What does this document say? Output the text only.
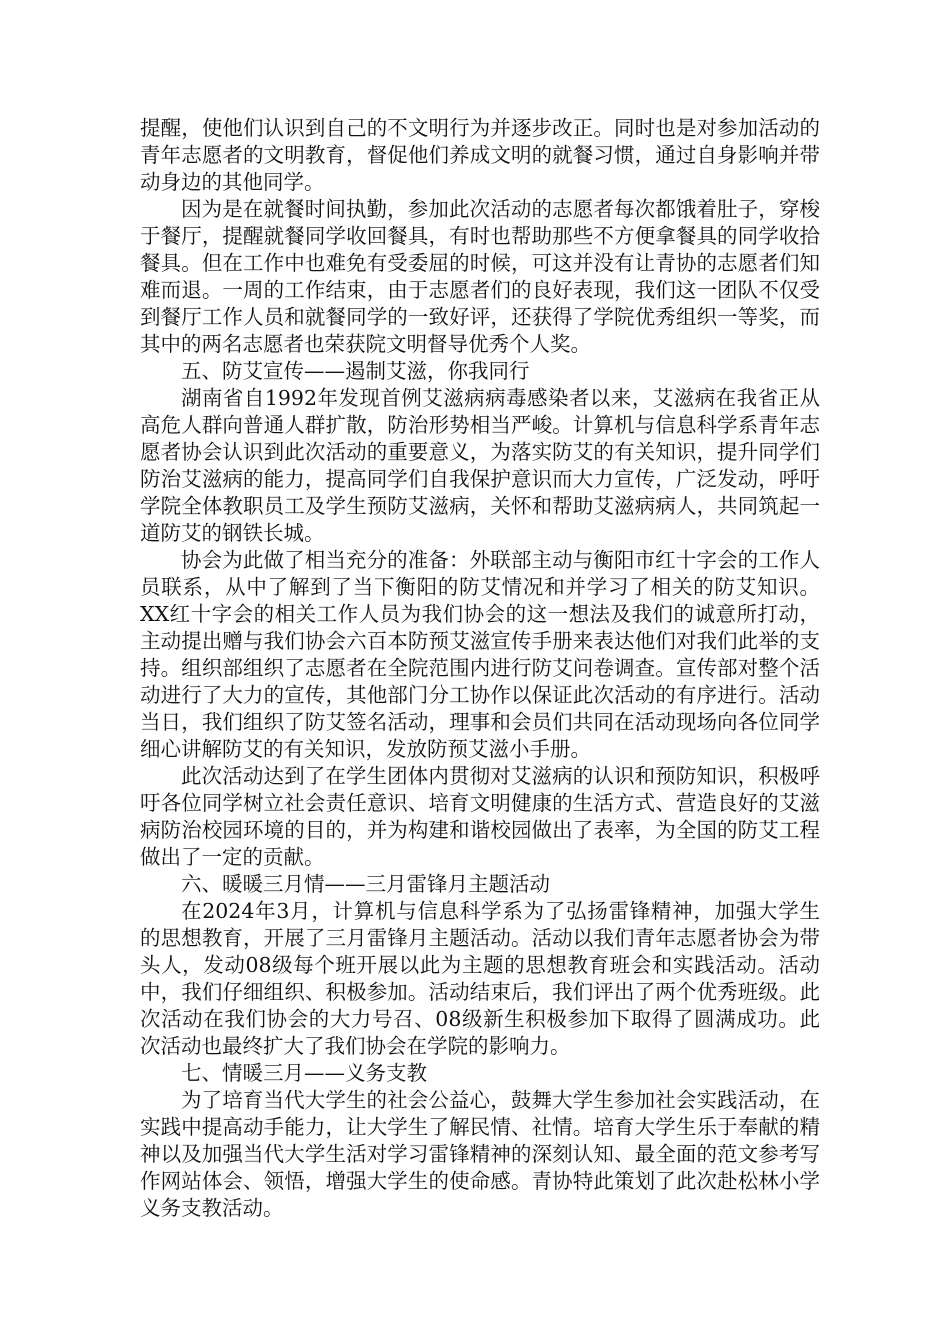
提醒，使他们认识到自己的不文明行为并逐步改正。同时也是对参加活动的青年志愿者的文明教育，督促他们养成文明的就餐习惯，通过自身影响并带动身边的其他同学。

因为是在就餐时间执勤，参加此次活动的志愿者每次都饿着肚子，穿梭于餐厅，提醒就餐同学收回餐具，有时也帮助那些不方便拿餐具的同学收拾餐具。但在工作中也难免有受委屈的时候，可这并没有让青协的志愿者们知难而退。一周的工作结束，由于志愿者们的良好表现，我们这一团队不仅受到餐厅工作人员和就餐同学的一致好评，还获得了学院优秀组织一等奖，而其中的两名志愿者也荣获院文明督导优秀个人奖。

五、防艾宣传——遏制艾滋，你我同行

湖南省自1992年发现首例艾滋病病毒感染者以来，艾滋病在我省正从高危人群向普通人群扩散，防治形势相当严峻。计算机与信息科学系青年志愿者协会认识到此次活动的重要意义，为落实防艾的有关知识，提升同学们防治艾滋病的能力，提高同学们自我保护意识而大力宣传，广泛发动，呼吁学院全体教职员工及学生预防艾滋病，关怀和帮助艾滋病病人，共同筑起一道防艾的钢铁长城。

协会为此做了相当充分的准备：外联部主动与衡阳市红十字会的工作人员联系，从中了解到了当下衡阳的防艾情况和并学习了相关的防艾知识。XX红十字会的相关工作人员为我们协会的这一想法及我们的诚意所打动，主动提出赠与我们协会六百本防预艾滋宣传手册来表达他们对我们此举的支持。组织部组织了志愿者在全院范围内进行防艾问卷调查。宣传部对整个活动进行了大力的宣传，其他部门分工协作以保证此次活动的有序进行。活动当日，我们组织了防艾签名活动，理事和会员们共同在活动现场向各位同学细心讲解防艾的有关知识，发放防预艾滋小手册。

此次活动达到了在学生团体内贯彻对艾滋病的认识和预防知识，积极呼吁各位同学树立社会责任意识、培育文明健康的生活方式、营造良好的艾滋病防治校园环境的目的，并为构建和谐校园做出了表率，为全国的防艾工程做出了一定的贡献。

六、暖暖三月情——三月雷锋月主题活动

在2024年3月，计算机与信息科学系为了弘扬雷锋精神，加强大学生的思想教育，开展了三月雷锋月主题活动。活动以我们青年志愿者协会为带头人，发动08级每个班开展以此为主题的思想教育班会和实践活动。活动中，我们仔细组织、积极参加。活动结束后，我们评出了两个优秀班级。此次活动在我们协会的大力号召、08级新生积极参加下取得了圆满成功。此次活动也最终扩大了我们协会在学院的影响力。

七、情暖三月——义务支教

为了培育当代大学生的社会公益心，鼓舞大学生参加社会实践活动，在实践中提高动手能力，让大学生了解民情、社情。培育大学生乐于奉献的精神以及加强当代大学生活对学习雷锋精神的深刻认知、最全面的范文参考写作网站体会、领悟，增强大学生的使命感。青协特此策划了此次赴松林小学义务支教活动。
